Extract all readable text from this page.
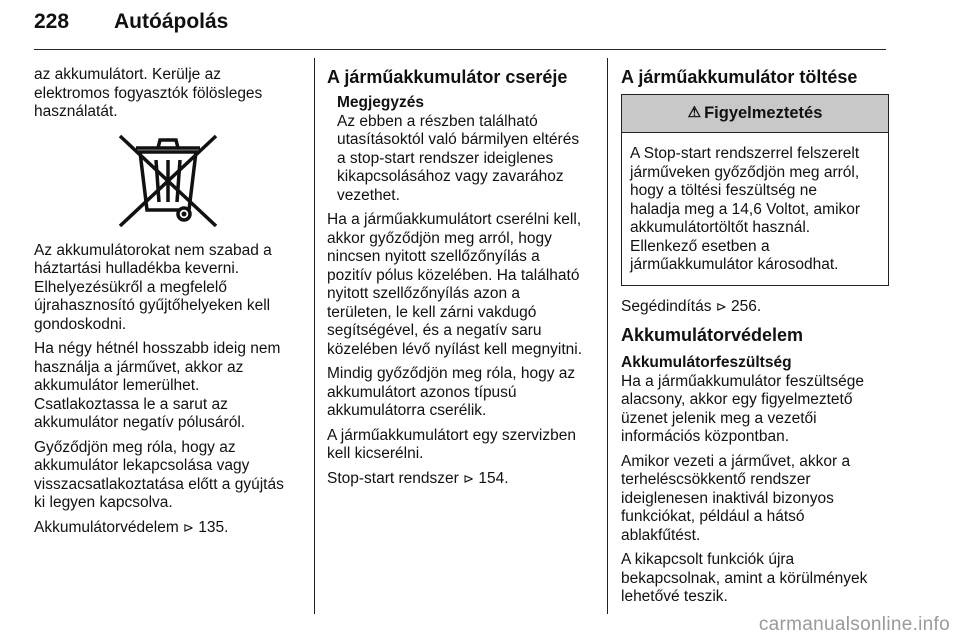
228 Autóápolás

az akkumulátort. Kerülje az
elektromos fogyasztók fölösleges
használatát.

Az akkumulátorokat nem szabad a
háztartási hulladékba keverni.
Elhelyezésükről a megfelelő
újrahasznosító gyűjtőhelyeken kell
gondoskodni.

Ha négy hétnél hosszabb ideig nem
használja a járművet, akkor az
akkumulátor lemerülhet.
Csatlakoztassa le a sarut az
akkumulátor negatív pólusáról.

Győződjön meg róla, hogy az
akkumulátor lekapcsolása vagy
visszacsatlakoztatása előtt a gyújtás
ki legyen kapcsolva.

Akkumulátorvédelem ⊳ 135.

A járműakkumulátor cseréje
Megjegyzés
Az ebben a részben található
utasításoktól való bármilyen eltérés
a stop-start rendszer ideiglenes
kikapcsolásához vagy zavarához
vezethet.

Ha a járműakkumulátort cserélni kell,
akkor győződjön meg arról, hogy
nincsen nyitott szellőzőnyílás a
pozitív pólus közelében. Ha található
nyitott szellőzőnyílás azon a
területen, le kell zárni vakdugó
segítségével, és a negatív saru
közelében lévő nyílást kell megnyitni.

Mindig győződjön meg róla, hogy az
akkumulátort azonos típusú
akkumulátorra cserélik.

A járműakkumulátort egy szervizben
kell kicserélni.

Stop-start rendszer ⊳ 154.

A járműakkumulátor töltése
⚠ Figyelmeztetés
A Stop-start rendszerrel felszerelt
járműveken győződjön meg arról,
hogy a töltési feszültség ne
haladja meg a 14,6 Voltot, amikor
akkumulátortöltőt használ.
Ellenkező esetben a
járműakkumulátor károsodhat.

Segédindítás ⊳ 256.

Akkumulátorvédelem
Akkumulátorfeszültség

Ha a járműakkumulátor feszültsége
alacsony, akkor egy figyelmeztető
üzenet jelenik meg a vezetői
információs központban.

Amikor vezeti a járművet, akkor a
terheléscsökkentő rendszer
ideiglenesen inaktivál bizonyos
funkciókat, például a hátsó
ablakfűtést.

A kikapcsolt funkciók újra
bekapcsolnak, amint a körülmények
lehetővé teszik.

carmanualsonline.info
